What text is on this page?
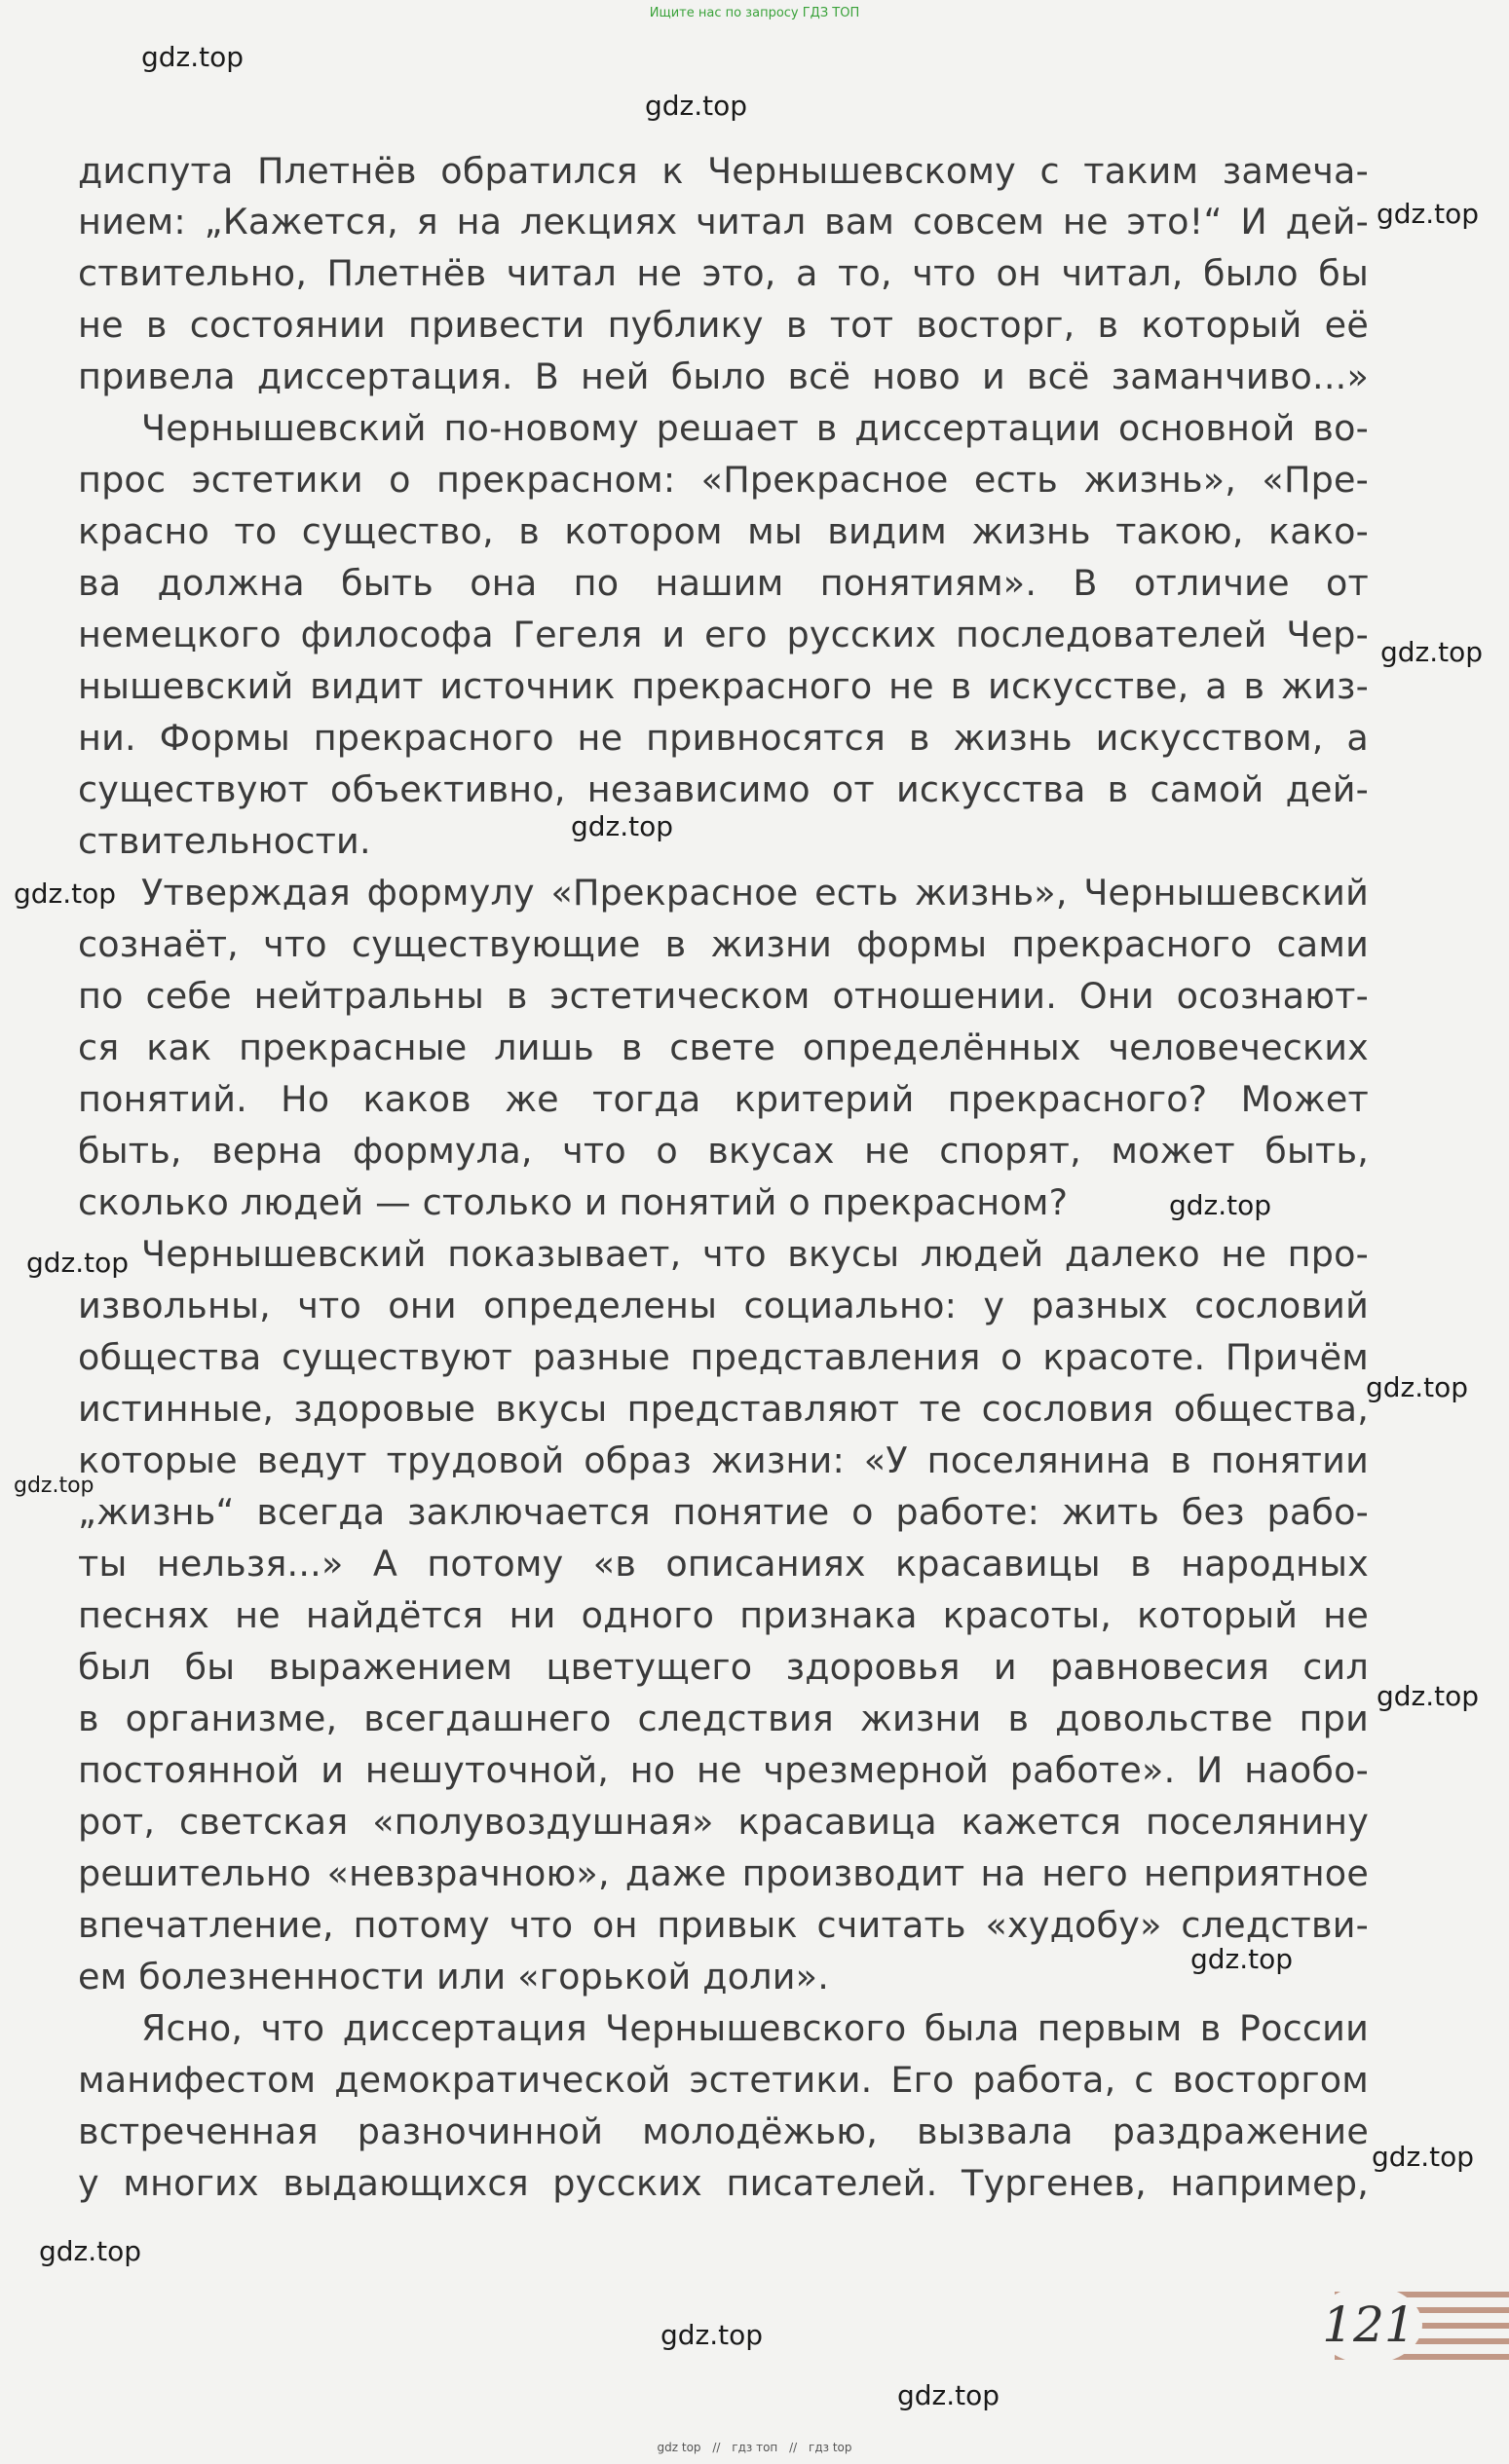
Ищите нас по запросу ГДЗ ТОП
gdz.top
gdz.top
gdz.top
gdz.top
gdz.top
gdz.top
gdz.top
gdz.top
gdz.top
gdz.top
gdz.top
gdz.top
gdz.top
gdz.top
gdz.top
gdz.top
диспута Плетнёв обратился к Чернышевскому с таким замеча-
нием: „Кажется, я на лекциях читал вам совсем не это!“ И дей-
ствительно, Плетнёв читал не это, а то, что он читал, было бы
не в состоянии привести публику в тот восторг, в который её
привела диссертация. В ней было всё ново и всё заманчиво...»
Чернышевский по-новому решает в диссертации основной во-
прос эстетики о прекрасном: «Прекрасное есть жизнь», «Пре-
красно то существо, в котором мы видим жизнь такою, како-
ва должна быть она по нашим понятиям». В отличие от
немецкого философа Гегеля и его русских последователей Чер-
нышевский видит источник прекрасного не в искусстве, а в жиз-
ни. Формы прекрасного не привносятся в жизнь искусством, а
существуют объективно, независимо от искусства в самой дей-
ствительности.
Утверждая формулу «Прекрасное есть жизнь», Чернышевский
сознаёт, что существующие в жизни формы прекрасного сами
по себе нейтральны в эстетическом отношении. Они осознают-
ся как прекрасные лишь в свете определённых человеческих
понятий. Но каков же тогда критерий прекрасного? Может
быть, верна формула, что о вкусах не спорят, может быть,
сколько людей — столько и понятий о прекрасном?
Чернышевский показывает, что вкусы людей далеко не про-
извольны, что они определены социально: у разных сословий
общества существуют разные представления о красоте. Причём
истинные, здоровые вкусы представляют те сословия общества,
которые ведут трудовой образ жизни: «У поселянина в понятии
„жизнь“ всегда заключается понятие о работе: жить без рабо-
ты нельзя...» А потому «в описаниях красавицы в народных
песнях не найдётся ни одного признака красоты, который не
был бы выражением цветущего здоровья и равновесия сил
в организме, всегдашнего следствия жизни в довольстве при
постоянной и нешуточной, но не чрезмерной работе». И наобо-
рот, светская «полувоздушная» красавица кажется поселянину
решительно «невзрачною», даже производит на него неприятное
впечатление, потому что он привык считать «худобу» следстви-
ем болезненности или «горькой доли».
Ясно, что диссертация Чернышевского была первым в России
манифестом демократической эстетики. Его работа, с восторгом
встреченная разночинной молодёжью, вызвала раздражение
у многих выдающихся русских писателей. Тургенев, например,
121
gdz top // гдз топ // гдз top
